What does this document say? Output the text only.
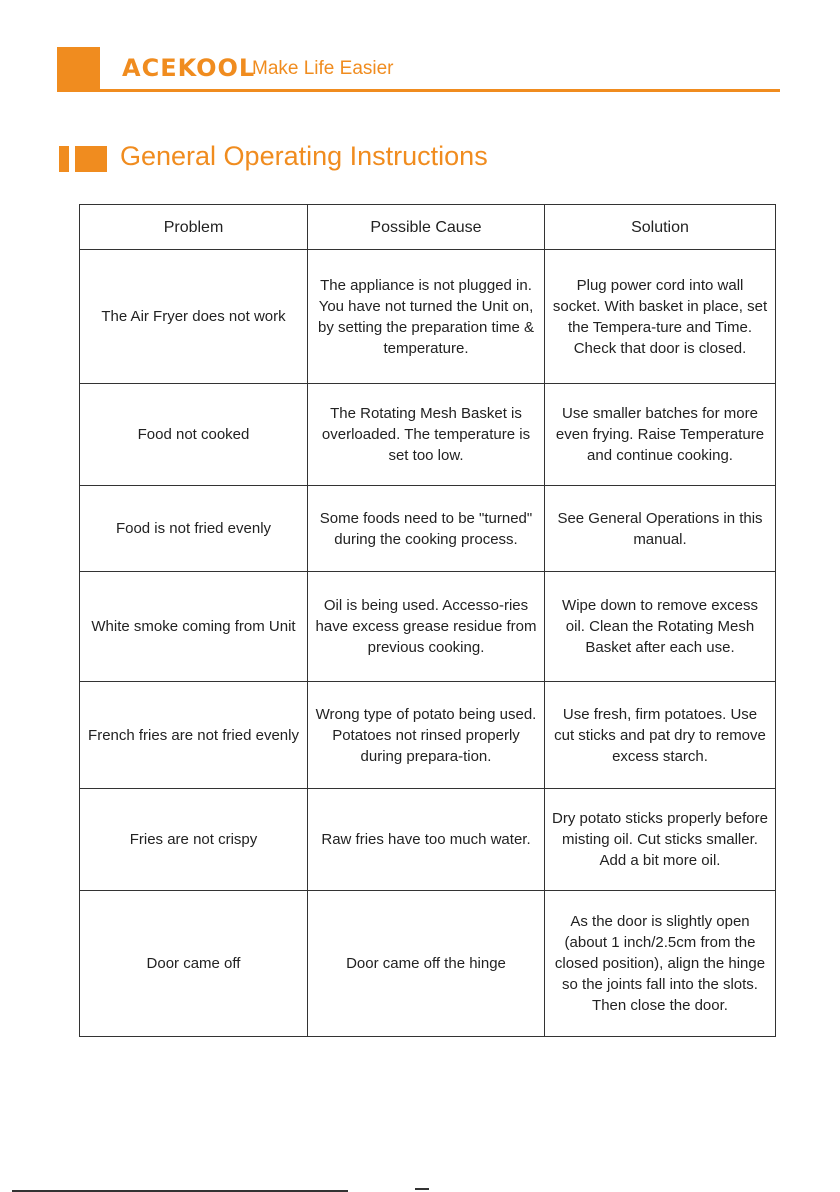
ACEKOOL
Make Life Easier
General Operating Instructions
Problem	Possible Cause	Solution
The Air Fryer does not work	The appliance is not plugged in. You have not turned the Unit on, by setting the preparation time & temperature.	Plug power cord into wall socket. With basket in place, set the Tempera-ture and Time. Check that door is closed.
Food not cooked	The Rotating Mesh Basket is overloaded. The temperature is set too low.	Use smaller batches for more even frying. Raise Temperature and continue cooking.
Food is not fried evenly	Some foods need to be "turned" during the cooking process.	See General Operations in this manual.
White smoke coming from Unit	Oil is being used. Accesso-ries have excess grease residue from previous cooking.	Wipe down to remove excess oil. Clean the Rotating Mesh Basket after each use.
French fries are not fried evenly	Wrong type of potato being used. Potatoes not rinsed properly during prepara-tion.	Use fresh, firm potatoes. Use cut sticks and pat dry to remove excess starch.
Fries are not crispy	Raw fries have too much water.	Dry potato sticks properly before misting oil. Cut sticks smaller. Add a bit more oil.
Door came off	Door came off the hinge	As the door is slightly open (about 1 inch/2.5cm from the closed position), align the hinge so the joints fall into the slots. Then close the door.
